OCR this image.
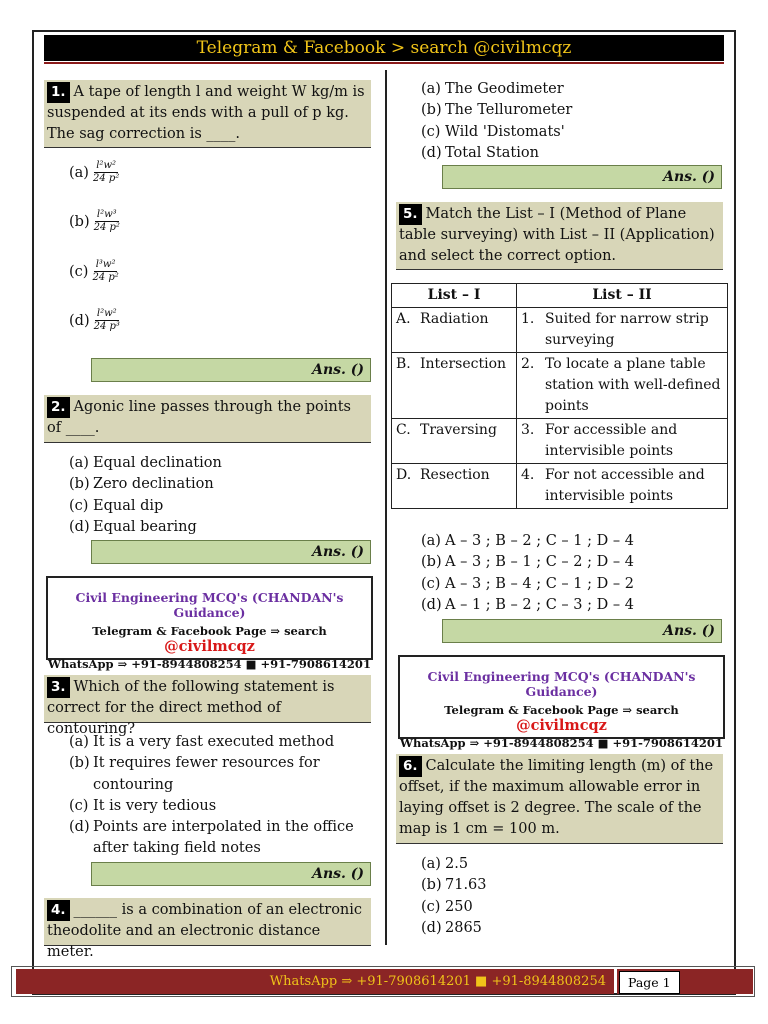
Telegram & Facebook > search @civilmcqz
1. A tape of length l and weight W kg/m is suspended at its ends with a pull of p kg. The sag correction is ____.
$(a) \frac{\text{l²w²}}{\text{24 p²}}$
$(b) \frac{\text{l²w³}}{\text{24 p²}}$
$(c) \frac{\text{l³w²}}{\text{24 p²}}$
$(d) \frac{\text{l²w²}}{\text{24 p³}}$
Ans. ()
2. Agonic line passes through the points of ____.
(a) Equal declination
(b) Zero declination
(c) Equal dip
(d) Equal bearing
Ans. ()
Civil Engineering MCQ's (CHANDAN's Guidance)
Telegram & Facebook Page ⇒ search @civilmcqz
WhatsApp ⇒ +91-8944808254 ■ +91-7908614201
3. Which of the following statement is correct for the direct method of contouring?
(a) It is a very fast executed method
(b) It requires fewer resources for contouring
(c) It is very tedious
(d) Points are interpolated in the office after taking field notes
Ans. ()
4. ______ is a combination of an electronic theodolite and an electronic distance meter.
(a) The Geodimeter
(b) The Tellurometer
(c) Wild 'Distomats'
(d) Total Station
Ans. ()
5. Match the List – I (Method of Plane table surveying) with List – II (Application) and select the correct option.
List – I	List – II

A. Radiation	1. Suited for narrow strip surveying

B. Intersection	2. To locate a plane table station with well-defined points

C. Traversing	3. For accessible and intervisible points

D. Resection	4. For not accessible and intervisible points
(a) A – 3 ; B – 2 ; C – 1 ; D – 4
(b) A – 3 ; B – 1 ; C – 2 ; D – 4
(c) A – 3 ; B – 4 ; C – 1 ; D – 2
(d) A – 1 ; B – 2 ; C – 3 ; D – 4
Ans. ()
Civil Engineering MCQ's (CHANDAN's Guidance)
Telegram & Facebook Page ⇒ search @civilmcqz
WhatsApp ⇒ +91-8944808254 ■ +91-7908614201
6. Calculate the limiting length (m) of the offset, if the maximum allowable error in laying offset is 2 degree. The scale of the map is 1 cm = 100 m.
(a) 2.5
(b) 71.63
(c) 250
(d) 2865
WhatsApp ⇒ +91-7908614201 ■ +91-8944808254	Page 1
